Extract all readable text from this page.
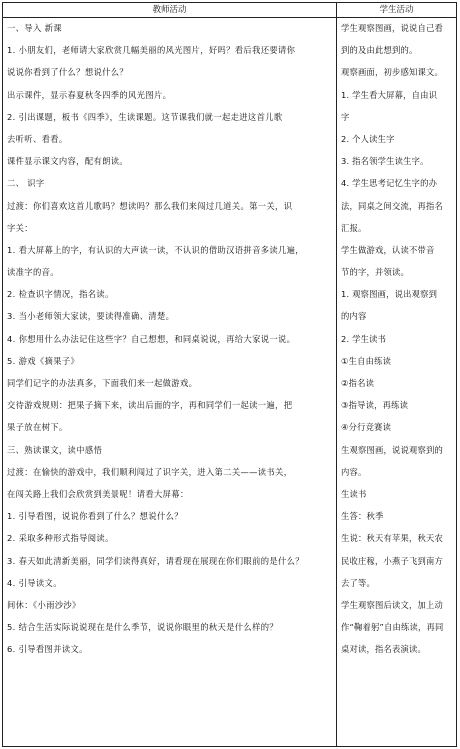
教师活动	学生活动
一、导入 新课
1. 小朋友们，老师请大家欣赏几幅美丽的风光图片，好吗？看后我还要请你
说说你看到了什么？想说什么？
出示课件，显示春夏秋冬四季的风光图片。
2. 引出课题，板书《四季》，生读课题。这节课我们就一起走进这首儿歌
去听听、看看。
课件显示课文内容，配有朗读。
二、 识字
过渡：你们喜欢这首儿歌吗？想读吗？那么我们来闯过几道关。第一关，识
字关：
1. 看大屏幕上的字，有认识的大声读一读，不认识的借助汉语拼音多读几遍，
读准字的音。
2. 检查识字情况，指名读。
3. 当小老师领大家读，要读得准确、清楚。
4. 你想用什么办法记住这些字？自己想想，和同桌说说，再给大家说一说。
5. 游戏《摘果子》
同学们记字的办法真多，下面我们来一起做游戏。
交待游戏规则：把果子摘下来，读出后面的字，再和同学们一起读一遍，把
果子放在树下。
三、熟读课文，读中感悟
过渡：在愉快的游戏中，我们顺利闯过了识字关，进入第二关——读书关，
在闯关路上我们会欣赏到美景呢！请看大屏幕：
1. 引导看图，说说你看到了什么？想说什么？
2. 采取多种形式指导阅读。
3. 春天如此清新美丽，同学们读得真好，请看现在展现在你们眼前的是什么？
4. 引导读文。
间休：《小雨沙沙》
5. 结合生活实际说说现在是什么季节，说说你眼里的秋天是什么样的？
6. 引导看图并读文。
学生观察图画，说说自己看
到的及由此想到的。
观察画面，初步感知课文。
1. 学生看大屏幕，自由识
字
2. 个人读生字
3. 指名领学生读生字。
4. 学生思考记忆生字的办
法，同桌之间交流，再指名
汇报。
学生做游戏，认读不带音
节的字，并领读。
1. 观察图画，说出观察到
的内容
2. 学生读书
①生自由练读
②指名读
③指导读，再练读
④分行竞赛读
生观察图画，说说观察到的
内容。
生读书
生答：秋季
生说：秋天有苹果，秋天农
民收庄稼，小燕子飞到南方
去了等。
学生观察图后读文，加上动
作“鞠着躬”自由练读，再同
桌对读，指名表演读。
